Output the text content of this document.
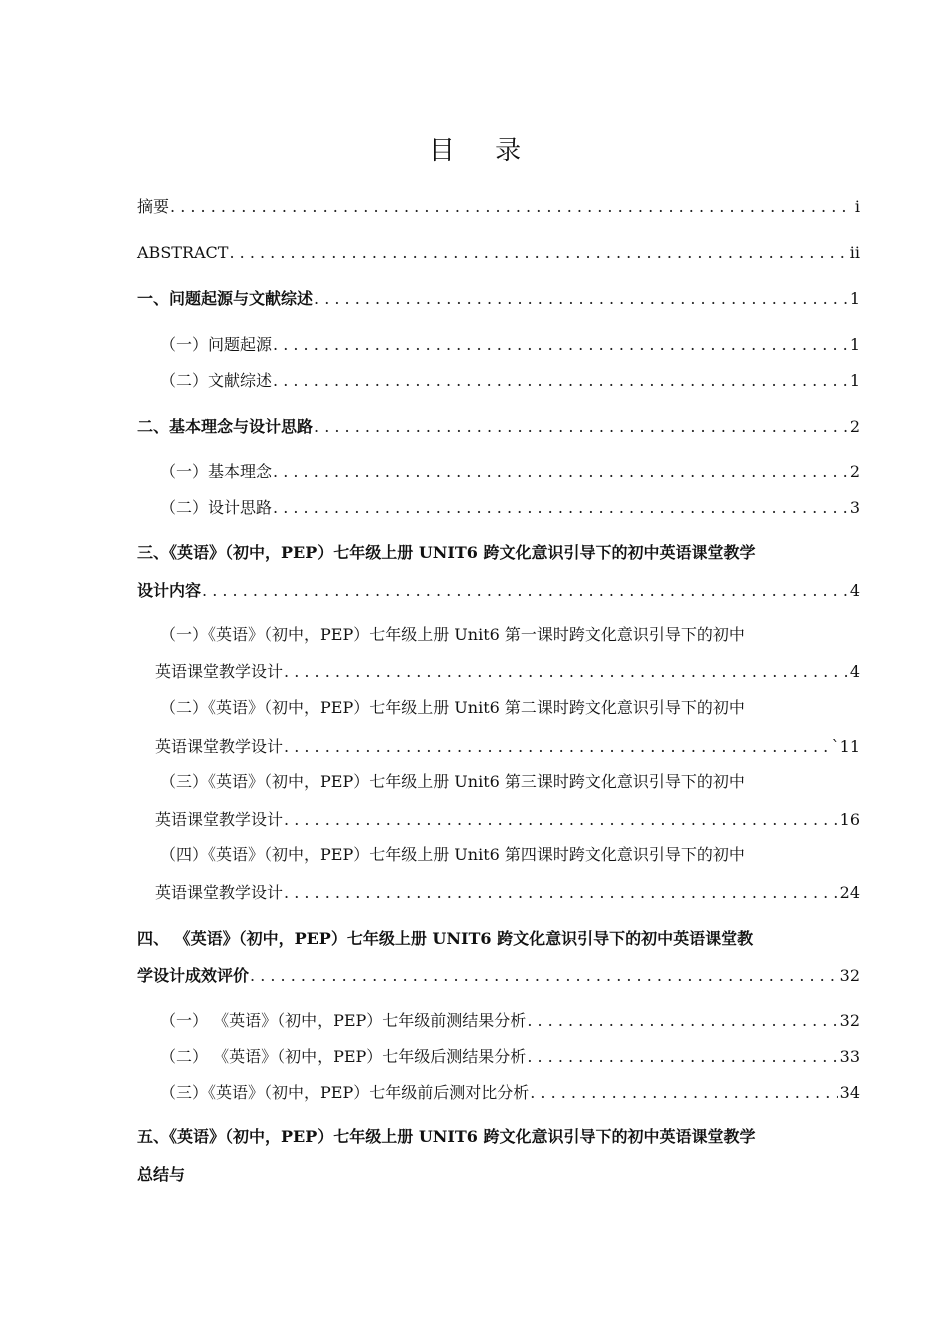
目 录
摘要 . . .	i
ABSTRACT . . .	ii
一、问题起源与文献综述 . . .	1
（一）问题起源 . . .	1
（二）文献综述 . . .	1
二、基本理念与设计思路 . . .	2
（一）基本理念 . . .	2
（二）设计思路 . . .	3
三、《英语》（初中，PEP）七年级上册 UNIT6 跨文化意识引导下的初中英语课堂教学
设计内容 . . .	4
（一）《英语》（初中，PEP）七年级上册 Unit6 第一课时跨文化意识引导下的初中
英语课堂教学设计 . . .	4
（二）《英语》（初中，PEP）七年级上册 Unit6 第二课时跨文化意识引导下的初中
英语课堂教学设计 . . .	`11
（三）《英语》（初中，PEP）七年级上册 Unit6 第三课时跨文化意识引导下的初中
英语课堂教学设计 . . .	16
（四）《英语》（初中，PEP）七年级上册 Unit6 第四课时跨文化意识引导下的初中
英语课堂教学设计 . . .	24
四、 《英语》（初中，PEP）七年级上册 UNIT6 跨文化意识引导下的初中英语课堂教
学设计成效评价 . . .	32
（一） 《英语》（初中，PEP）七年级前测结果分析 . . .	32
（二） 《英语》（初中，PEP）七年级后测结果分析 . . .	33
（三）《英语》（初中，PEP）七年级前后测对比分析 . . .	34
五、《英语》（初中，PEP）七年级上册 UNIT6 跨文化意识引导下的初中英语课堂教学
总结与
